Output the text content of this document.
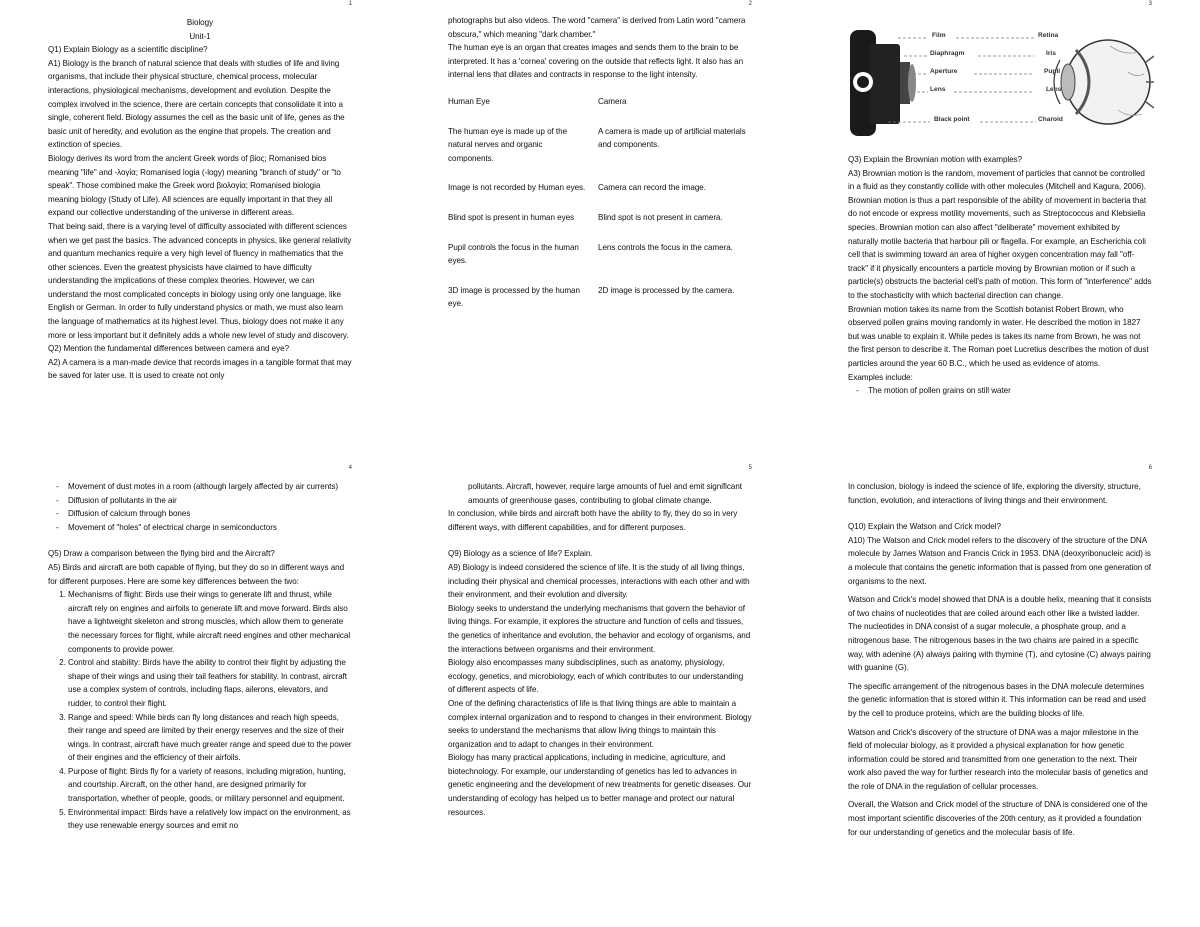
1

Biology

Unit-1

Q1) Explain Biology as a scientific discipline?

A1) Biology is the branch of natural science that deals with studies of life and living organisms, that include their physical structure, chemical process, molecular interactions, physiological mechanisms, development and evolution. Despite the complex involved in the science, there are certain concepts that consolidate it into a single, coherent field. Biology assumes the cell as the basic unit of life, genes as the basic unit of heredity, and evolution as the engine that propels. The creation and extinction of species.

Biology derives its word from the ancient Greek words of βίος; Romanised bios meaning "life" and -λογία; Romanised logia (-logy) meaning "branch of study" or "to speak". Those combined make the Greek word βιολογία; Romanised biologia meaning biology (Study of Life). All sciences are equally important in that they all expand our collective understanding of the universe in different areas.

That being said, there is a varying level of difficulty associated with different sciences when we get past the basics. The advanced concepts in physics, like general relativity and quantum mechanics require a very high level of fluency in mathematics that the other sciences. Even the greatest physicists have claimed to have difficulty understanding the implications of these complex theories. However, we can understand the most complicated concepts in biology using only one language, like English or German. In order to fully understand physics or math, we must also learn the language of mathematics at its highest level. Thus, biology does not make it any more or less important but it definitely adds a whole new level of study and discovery.

Q2) Mention the fundamental differences between camera and eye?

A2) A camera is a man-made device that records images in a tangible format that may be saved for later use. It is used to create not only

2

photographs but also videos. The word "camera" is derived from Latin word "camera obscura," which meaning "dark chamber."

The human eye is an organ that creates images and sends them to the brain to be interpreted. It has a 'cornea' covering on the outside that reflects light. It also has an internal lens that dilates and contracts in response to the light intensity.

Human Eye	Camera
The human eye is made up of the natural nerves and organic components.	A camera is made up of artificial materials and components.
Image is not recorded by Human eyes.	Camera can record the image.
Blind spot is present in human eyes	Blind spot is not present in camera.
Pupil controls the focus in the human eyes.	Lens controls the focus in the camera.
3D image is processed by the human eye.	2D image is processed by the camera.
3
Film
Diaphragm
Aperture
Lens
Black point
Retina
Iris
Pupil
Lens
Charoid

Q3) Explain the Brownian motion with examples?

A3) Brownian motion is the random, movement of particles that cannot be controlled in a fluid as they constantly collide with other molecules (Mitchell and Kagura, 2006). Brownian motion is thus a part responsible of the ability of movement in bacteria that do not encode or express motility movements, such as Streptococcus and Klebsiella species. Brownian motion can also affect "deliberate" movement exhibited by naturally motile bacteria that harbour pili or flagella. For example, an Escherichia coli cell that is swimming toward an area of higher oxygen concentration may fall "off-track" if it physically encounters a particle moving by Brownian motion or if such a particle(s) obstructs the bacterial cell's path of motion. This form of "interference" adds to the stochasticity with which bacterial direction can change.

Brownian motion takes its name from the Scottish botanist Robert Brown, who observed pollen grains moving randomly in water. He described the motion in 1827 but was unable to explain it. While pedes is takes its name from Brown, he was not the first person to describe it. The Roman poet Lucretius describes the motion of dust particles around the year 60 B.C., which he used as evidence of atoms.

Examples include:

- The motion of pollen grains on still water
4
- Movement of dust motes in a room (although largely affected by air currents)
- Diffusion of pollutants in the air
- Diffusion of calcium through bones
- Movement of "holes" of electrical charge in semiconductors

Q5) Draw a comparison between the flying bird and the Aircraft?

A5) Birds and aircraft are both capable of flying, but they do so in different ways and for different purposes. Here are some key differences between the two:

1. Mechanisms of flight: Birds use their wings to generate lift and thrust, while aircraft rely on engines and airfoils to generate lift and move forward. Birds also have a lightweight skeleton and strong muscles, which allow them to generate the necessary forces for flight, while aircraft need engines and other mechanical components to provide power.
2. Control and stability: Birds have the ability to control their flight by adjusting the shape of their wings and using their tail feathers for stability. In contrast, aircraft use a complex system of controls, including flaps, ailerons, elevators, and rudder, to control their flight.
3. Range and speed: While birds can fly long distances and reach high speeds, their range and speed are limited by their energy reserves and the size of their wings. In contrast, aircraft have much greater range and speed due to the power of their engines and the efficiency of their airfoils.
4. Purpose of flight: Birds fly for a variety of reasons, including migration, hunting, and courtship. Aircraft, on the other hand, are designed primarily for transportation, whether of people, goods, or military personnel and equipment.
5. Environmental impact: Birds have a relatively low impact on the environment, as they use renewable energy sources and emit no
5

pollutants. Aircraft, however, require large amounts of fuel and emit significant amounts of greenhouse gases, contributing to global climate change.

In conclusion, while birds and aircraft both have the ability to fly, they do so in very different ways, with different capabilities, and for different purposes.

Q9) Biology as a science of life? Explain.

A9) Biology is indeed considered the science of life. It is the study of all living things, including their physical and chemical processes, interactions with each other and with their environment, and their evolution and diversity.

Biology seeks to understand the underlying mechanisms that govern the behavior of living things. For example, it explores the structure and function of cells and tissues, the genetics of inheritance and evolution, the behavior and ecology of organisms, and the interactions between organisms and their environment.

Biology also encompasses many subdisciplines, such as anatomy, physiology, ecology, genetics, and microbiology, each of which contributes to our understanding of different aspects of life.

One of the defining characteristics of life is that living things are able to maintain a complex internal organization and to respond to changes in their environment. Biology seeks to understand the mechanisms that allow living things to maintain this organization and to adapt to changes in their environment.

Biology has many practical applications, including in medicine, agriculture, and biotechnology. For example, our understanding of genetics has led to advances in genetic engineering and the development of new treatments for genetic diseases. Our understanding of ecology has helped us to better manage and protect our natural resources.

6

In conclusion, biology is indeed the science of life, exploring the diversity, structure, function, evolution, and interactions of living things and their environment.

Q10) Explain the Watson and Crick model?

A10) The Watson and Crick model refers to the discovery of the structure of the DNA molecule by James Watson and Francis Crick in 1953. DNA (deoxyribonucleic acid) is a molecule that contains the genetic information that is passed from one generation of organisms to the next.

Watson and Crick's model showed that DNA is a double helix, meaning that it consists of two chains of nucleotides that are coiled around each other like a twisted ladder. The nucleotides in DNA consist of a sugar molecule, a phosphate group, and a nitrogenous base. The nitrogenous bases in the two chains are paired in a specific way, with adenine (A) always pairing with thymine (T), and cytosine (C) always pairing with guanine (G).

The specific arrangement of the nitrogenous bases in the DNA molecule determines the genetic information that is stored within it. This information can be read and used by the cell to produce proteins, which are the building blocks of life.

Watson and Crick's discovery of the structure of DNA was a major milestone in the field of molecular biology, as it provided a physical explanation for how genetic information could be stored and transmitted from one generation to the next. Their work also paved the way for further research into the molecular basis of genetics and the role of DNA in the regulation of cellular processes.

Overall, the Watson and Crick model of the structure of DNA is considered one of the most important scientific discoveries of the 20th century, as it provided a foundation for our understanding of genetics and the molecular basis of life.
